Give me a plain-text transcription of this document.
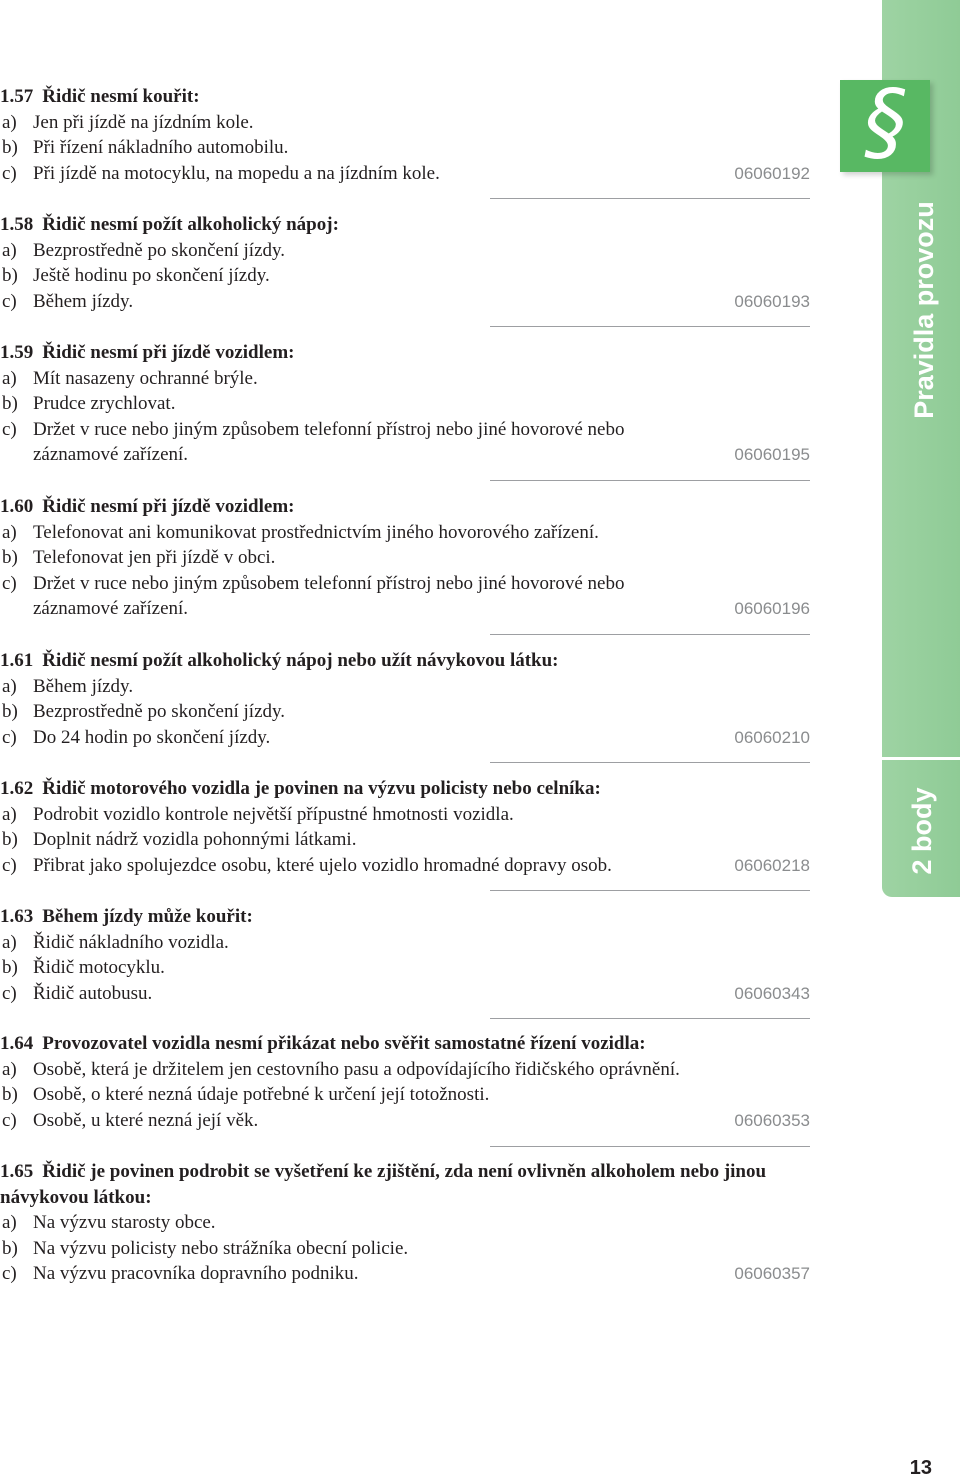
§
Pravidla provozu
2 body

1.57 Řidič nesmí kouřit:

a) Jen při jízdě na jízdním kole.
b) Při řízení nákladního automobilu.
c) Při jízdě na motocyklu, na mopedu a na jízdním kole.	06060192

1.58 Řidič nesmí požít alkoholický nápoj:

a) Bezprostředně po skončení jízdy.
b) Ještě hodinu po skončení jízdy.
c) Během jízdy.	06060193

1.59 Řidič nesmí při jízdě vozidlem:

a) Mít nasazeny ochranné brýle.
b) Prudce zrychlovat.
c) Držet v ruce nebo jiným způsobem telefonní přístroj nebo jiné hovorové nebo záznamové zařízení.	06060195

1.60 Řidič nesmí při jízdě vozidlem:

a) Telefonovat ani komunikovat prostřednictvím jiného hovorového zařízení.
b) Telefonovat jen při jízdě v obci.
c) Držet v ruce nebo jiným způsobem telefonní přístroj nebo jiné hovorové nebo záznamové zařízení.	06060196

1.61 Řidič nesmí požít alkoholický nápoj nebo užít návykovou látku:

a) Během jízdy.
b) Bezprostředně po skončení jízdy.
c) Do 24 hodin po skončení jízdy.	06060210

1.62 Řidič motorového vozidla je povinen na výzvu policisty nebo celníka:

a) Podrobit vozidlo kontrole největší přípustné hmotnosti vozidla.
b) Doplnit nádrž vozidla pohonnými látkami.
c) Přibrat jako spolujezdce osobu, které ujelo vozidlo hromadné dopravy osob.	06060218

1.63 Během jízdy může kouřit:

a) Řidič nákladního vozidla.
b) Řidič motocyklu.
c) Řidič autobusu.	06060343

1.64 Provozovatel vozidla nesmí přikázat nebo svěřit samostatné řízení vozidla:

a) Osobě, která je držitelem jen cestovního pasu a odpovídajícího řidičského oprávnění.
b) Osobě, o které nezná údaje potřebné k určení její totožnosti.
c) Osobě, u které nezná její věk.	06060353

1.65 Řidič je povinen podrobit se vyšetření ke zjištění, zda není ovlivněn alkoholem nebo jinou návykovou látkou:

a) Na výzvu starosty obce.
b) Na výzvu policisty nebo strážníka obecní policie.
c) Na výzvu pracovníka dopravního podniku.	06060357
13
